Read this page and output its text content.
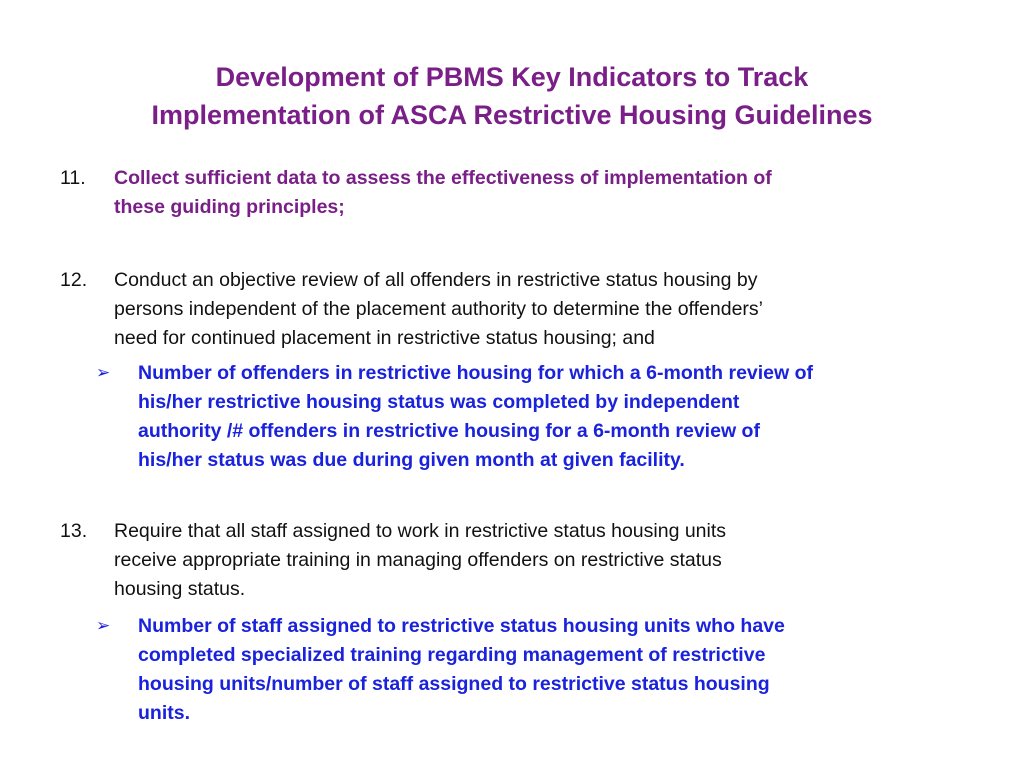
Development of PBMS Key Indicators to Track
Implementation of ASCA Restrictive Housing Guidelines
11. Collect sufficient data to assess the effectiveness of implementation of
these guiding principles;
12. Conduct an objective review of all offenders in restrictive status housing by
persons independent of the placement authority to determine the offenders’
need for continued placement in restrictive status housing; and
➢	Number of offenders in restrictive housing for which a 6-month review of
his/her restrictive housing status was completed by independent
authority /# offenders in restrictive housing for a 6-month review of
his/her status was due during given month at given facility.
13. Require that all staff assigned to work in restrictive status housing units
receive appropriate training in managing offenders on restrictive status
housing status.
➢	Number of staff assigned to restrictive status housing units who have
completed specialized training regarding management of restrictive
housing units/number of staff assigned to restrictive status housing
units.
